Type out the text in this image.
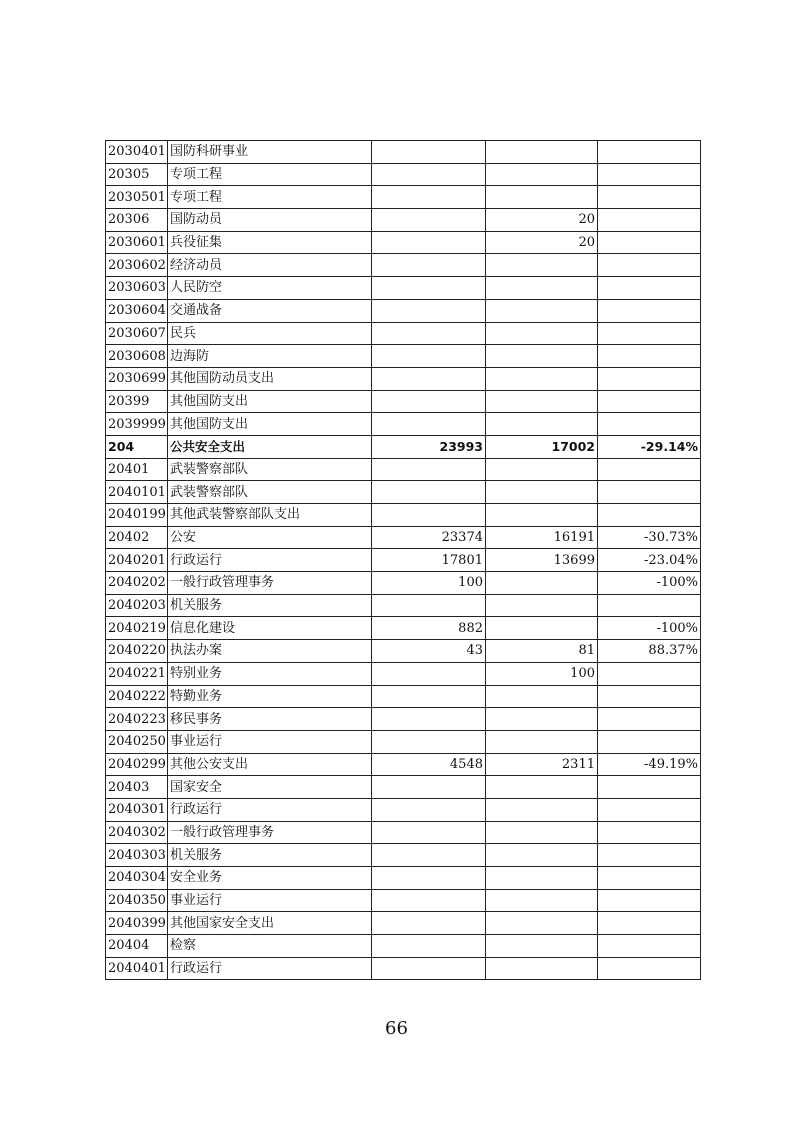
2030401	国防科研事业			
20305	专项工程			
2030501	专项工程			
20306	国防动员		20	
2030601	兵役征集		20	
2030602	经济动员			
2030603	人民防空			
2030604	交通战备			
2030607	民兵			
2030608	边海防			
2030699	其他国防动员支出			
20399	其他国防支出			
2039999	其他国防支出			
204	公共安全支出	23993	17002	-29.14%
20401	武装警察部队			
2040101	武装警察部队			
2040199	其他武装警察部队支出			
20402	公安	23374	16191	-30.73%
2040201	行政运行	17801	13699	-23.04%
2040202	一般行政管理事务	100		-100%
2040203	机关服务			
2040219	信息化建设	882		-100%
2040220	执法办案	43	81	88.37%
2040221	特别业务		100	
2040222	特勤业务			
2040223	移民事务			
2040250	事业运行			
2040299	其他公安支出	4548	2311	-49.19%
20403	国家安全			
2040301	行政运行			
2040302	一般行政管理事务			
2040303	机关服务			
2040304	安全业务			
2040350	事业运行			
2040399	其他国家安全支出			
20404	检察			
2040401	行政运行			
66
